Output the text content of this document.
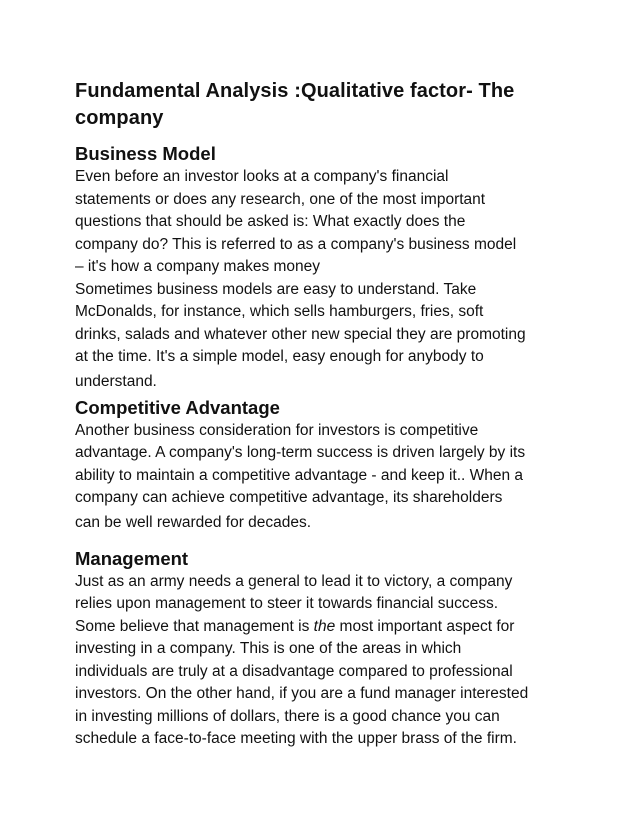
Fundamental Analysis :Qualitative factor- The
company
Business Model

Even before an investor looks at a company's financial
statements or does any research, one of the most important
questions that should be asked is: What exactly does the
company do? This is referred to as a company's business model
– it's how a company makes money
Sometimes business models are easy to understand. Take
McDonalds, for instance, which sells hamburgers, fries, soft
drinks, salads and whatever other new special they are promoting
at the time. It's a simple model, easy enough for anybody to
understand.

Competitive Advantage

Another business consideration for investors is competitive
advantage. A company's long-term success is driven largely by its
ability to maintain a competitive advantage - and keep it.. When a
company can achieve competitive advantage, its shareholders
can be well rewarded for decades.

Management

Just as an army needs a general to lead it to victory, a company
relies upon management to steer it towards financial success.
Some believe that management is the most important aspect for
investing in a company. This is one of the areas in which
individuals are truly at a disadvantage compared to professional
investors. On the other hand, if you are a fund manager interested
in investing millions of dollars, there is a good chance you can
schedule a face-to-face meeting with the upper brass of the firm.
